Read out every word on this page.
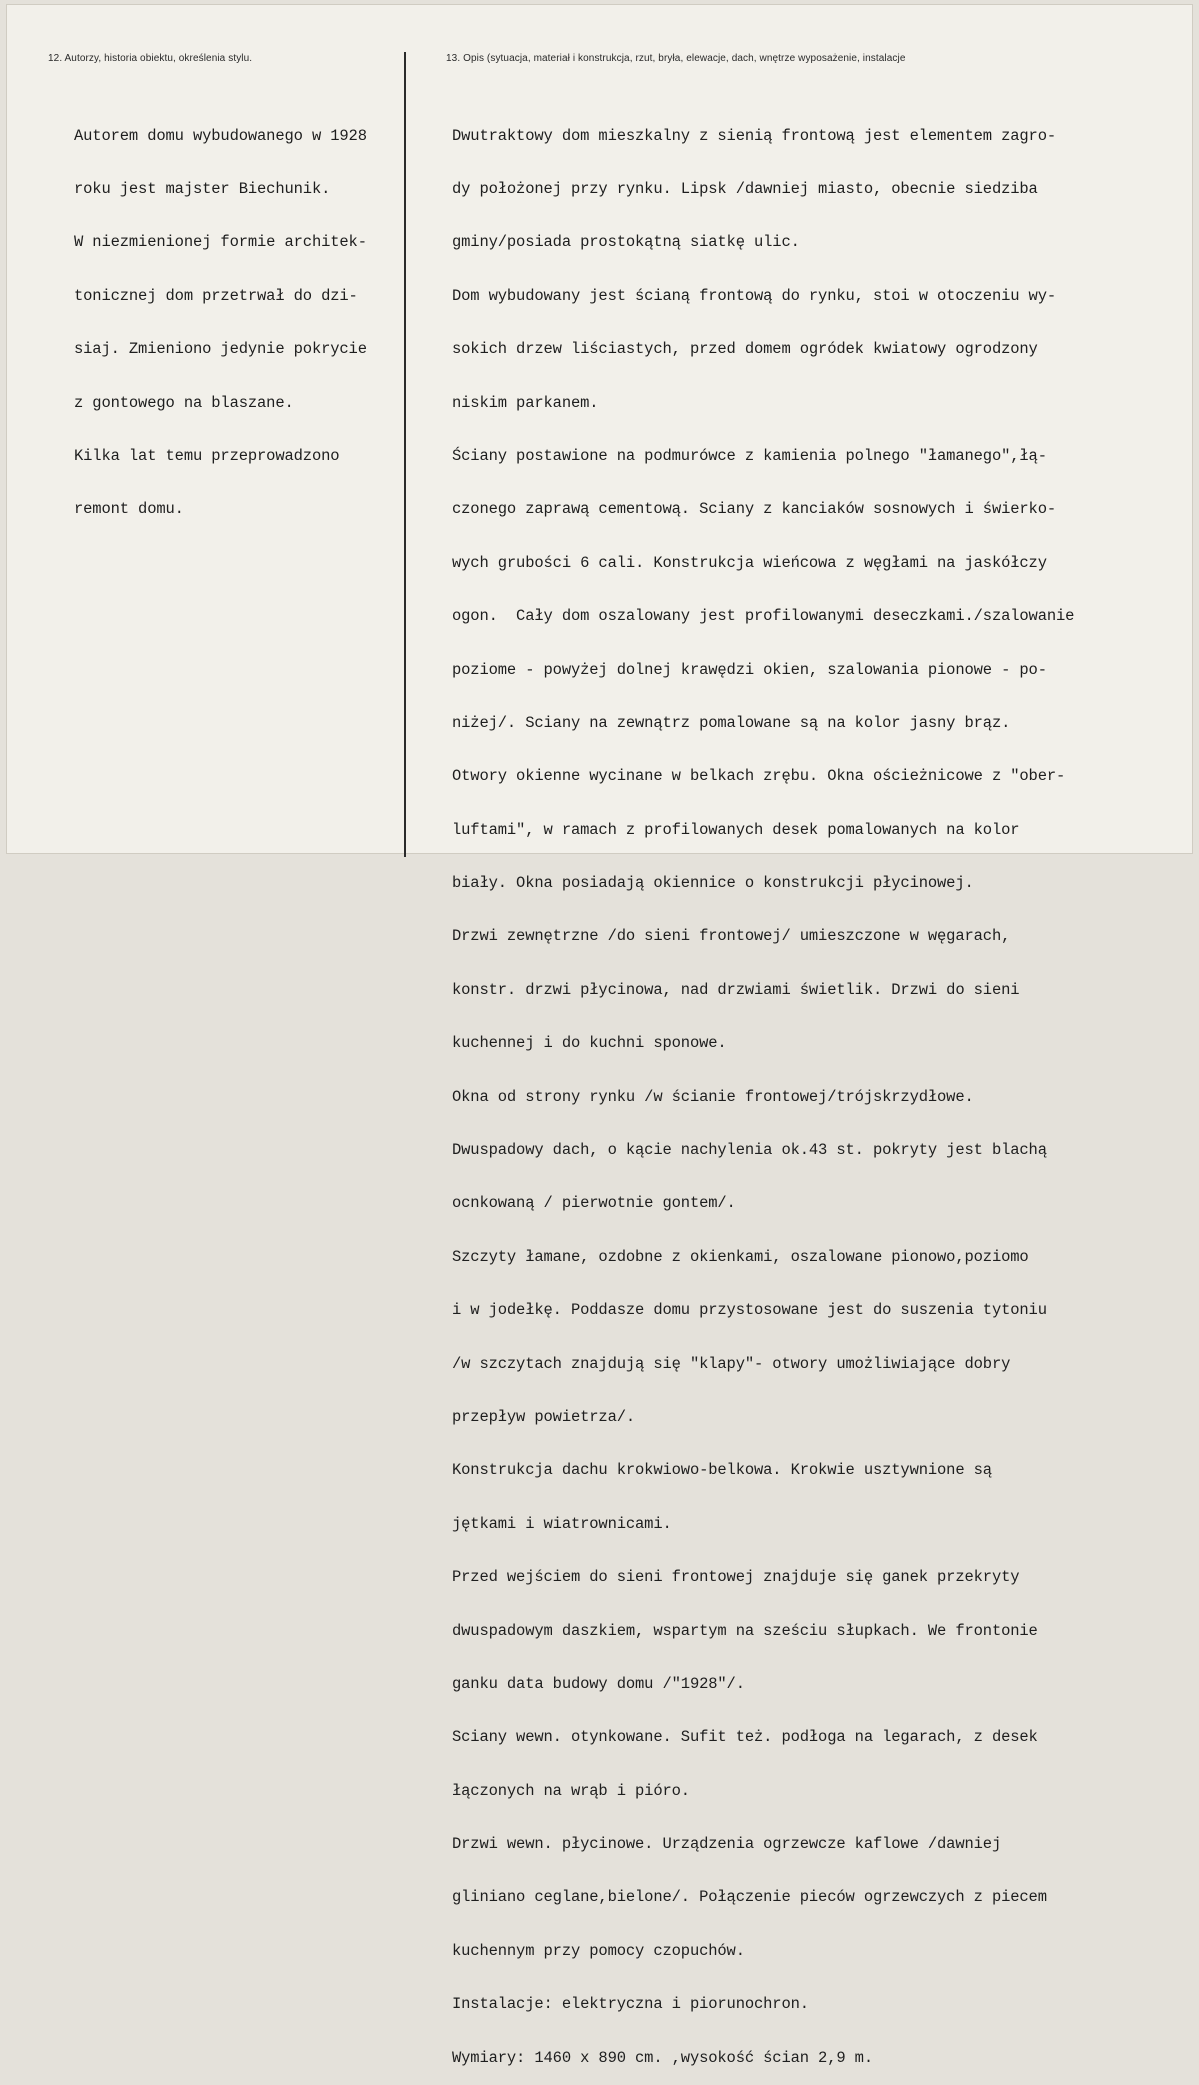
12. Autorzy, historia obiektu, określenia stylu.	13. Opis (sytuacja, materiał i konstrukcja, rzut, bryła, elewacje, dach, wnętrze wyposażenie, instalacje

Autorem domu wybudowanego w 1928

roku jest majster Biechunik.

W niezmienionej formie architek-

tonicznej dom przetrwał do dzi-

siaj. Zmieniono jedynie pokrycie

z gontowego na blaszane.

Kilka lat temu przeprowadzono

remont domu.

Dwutraktowy dom mieszkalny z sienią frontową jest elementem zagro-

dy położonej przy rynku. Lipsk /dawniej miasto, obecnie siedziba

gminy/posiada prostokątną siatkę ulic.

Dom wybudowany jest ścianą frontową do rynku, stoi w otoczeniu wy-

sokich drzew liściastych, przed domem ogródek kwiatowy ogrodzony

niskim parkanem.

Ściany postawione na podmurówce z kamienia polnego "łamanego",łą-

czonego zaprawą cementową. Sciany z kanciaków sosnowych i świerko-

wych grubości 6 cali. Konstrukcja wieńcowa z węgłami na jaskółczy

ogon.  Cały dom oszalowany jest profilowanymi deseczkami./szalowanie

poziome - powyżej dolnej krawędzi okien, szalowania pionowe - po-

niżej/. Sciany na zewnątrz pomalowane są na kolor jasny brąz.

Otwory okienne wycinane w belkach zrębu. Okna ościeżnicowe z "ober-

luftami", w ramach z profilowanych desek pomalowanych na kolor

biały. Okna posiadają okiennice o konstrukcji płycinowej.

Drzwi zewnętrzne /do sieni frontowej/ umieszczone w węgarach,

konstr. drzwi płycinowa, nad drzwiami świetlik. Drzwi do sieni

kuchennej i do kuchni sponowe.

Okna od strony rynku /w ścianie frontowej/trójskrzydłowe.

Dwuspadowy dach, o kącie nachylenia ok.43 st. pokryty jest blachą

ocnkowaną / pierwotnie gontem/.

Szczyty łamane, ozdobne z okienkami, oszalowane pionowo,poziomo

i w jodełkę. Poddasze domu przystosowane jest do suszenia tytoniu

/w szczytach znajdują się "klapy"- otwory umożliwiające dobry

przepływ powietrza/.

Konstrukcja dachu krokwiowo-belkowa. Krokwie usztywnione są

jętkami i wiatrownicami.

Przed wejściem do sieni frontowej znajduje się ganek przekryty

dwuspadowym daszkiem, wspartym na sześciu słupkach. We frontonie

ganku data budowy domu /"1928"/.

Sciany wewn. otynkowane. Sufit też. podłoga na legarach, z desek

łączonych na wrąb i pióro.

Drzwi wewn. płycinowe. Urządzenia ogrzewcze kaflowe /dawniej

gliniano ceglane,bielone/. Połączenie pieców ogrzewczych z piecem

kuchennym przy pomocy czopuchów.

Instalacje: elektryczna i piorunochron.

Wymiary: 1460 x 890 cm. ,wysokość ścian 2,9 m.
